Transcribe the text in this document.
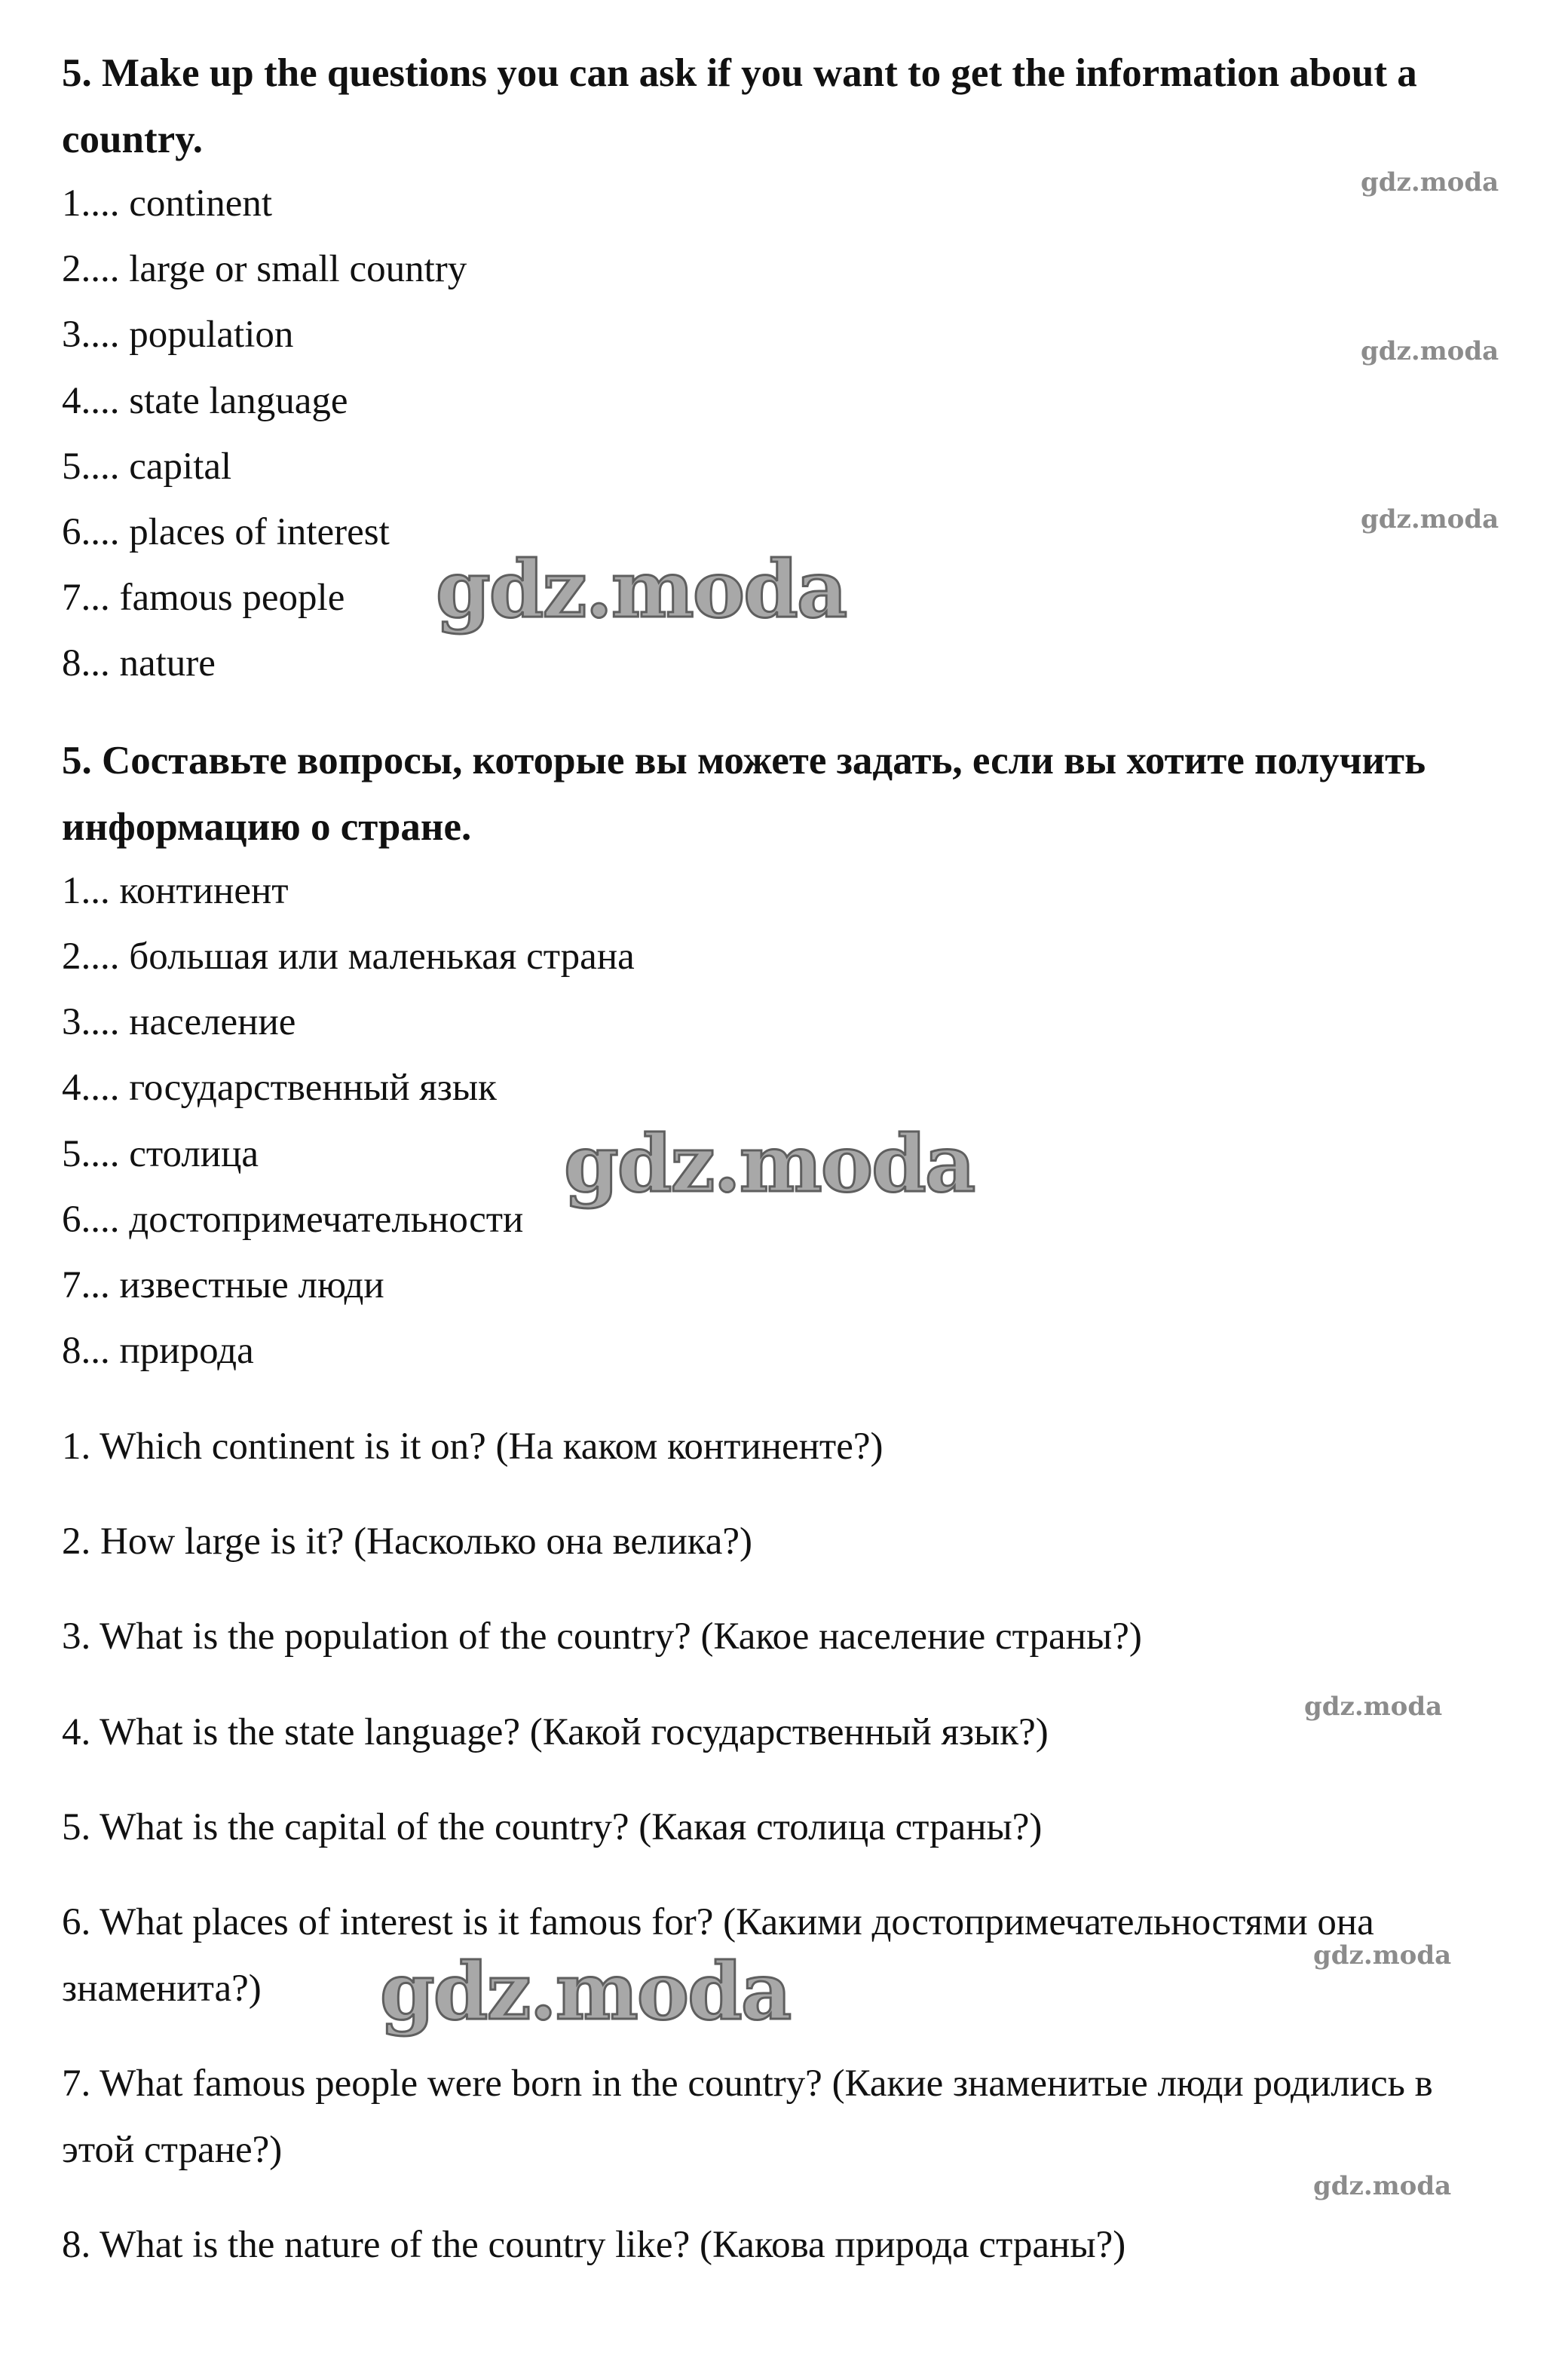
5. Make up the questions you can ask if you want to get the information about a country.

1.... continent

2.... large or small country

3.... population

4.... state language

5.... capital

6.... places of interest

7... famous people

8... nature

5. Составьте вопросы, которые вы можете задать, если вы хотите получить информацию о стране.

1... континент

2.... большая или маленькая страна

3.... население

4.... государственный язык

5.... столица

6.... достопримечательности

7... известные люди

8... природа

1. Which continent is it on? (На каком континенте?)

2. How large is it? (Насколько она велика?)

3. What is the population of the country? (Какое население страны?)

4. What is the state language? (Какой государственный язык?)

5. What is the capital of the country? (Какая столица страны?)

6. What places of interest is it famous for? (Какими достопримечательностями она знаменита?)

7. What famous people were born in the country? (Какие знаменитые люди родились в этой стране?)

8. What is the nature of the country like? (Какова природа страны?)

gdz.moda
gdz.moda
gdz.moda
gdz.moda
gdz.moda
gdz.moda
gdz.moda
gdz.moda
gdz.moda
